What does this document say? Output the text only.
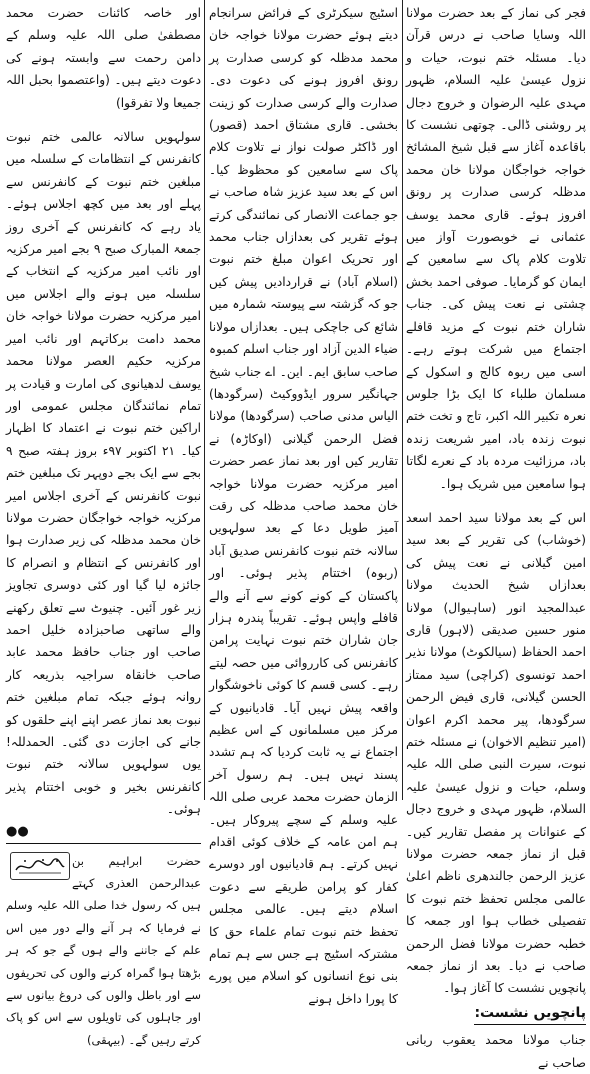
فجر کی نماز کے بعد حضرت مولانا اللہ وسایا صاحب نے درس قرآن دیا۔ مسئلہ ختم نبوت، حیات و نزول عیسیٰ علیہ السلام، ظہور مہدی علیہ الرضوان و خروج دجال پر روشنی ڈالی۔ چوتھی نشست کا باقاعدہ آغاز سے قبل شیخ المشائخ خواجہ خواجگان مولانا خان محمد مدظلہ کرسی صدارت پر رونق افروز ہوئے۔ قاری محمد یوسف عثمانی نے خوبصورت آواز میں تلاوت کلام پاک سے سامعین کے ایمان کو گرمایا۔ صوفی احمد بخش چشتی نے نعت پیش کی۔ جناب شاران ختم نبوت کے مزید قافلے اجتماع میں شرکت ہوتے رہے۔ اسی میں ربوہ کالج و اسکول کے مسلمان طلباء کا ایک بڑا جلوس نعرہ تکبیر اللہ اکبر، تاج و تخت ختم نبوت زندہ باد، امیر شریعت زندہ باد، مرزائیت مردہ باد کے نعرے لگاتا ہوا سامعین میں شریک ہوا۔

اس کے بعد مولانا سید احمد اسعد (خوشاب) کی تقریر کے بعد سید امین گیلانی نے نعت پیش کی بعدازاں شیخ الحدیث مولانا عبدالمجید انور (ساہیوال) مولانا منور حسین صدیقی (لاہور) قاری احمد الحفاظ (سیالکوٹ) مولانا نذیر احمد تونسوی (کراچی) سید ممتاز الحسن گیلانی، قاری فیض الرحمن سرگودھا، پیر محمد اکرم اعوان (امیر تنظیم الاخوان) نے مسئلہ ختم نبوت، سیرت النبی صلی اللہ علیہ وسلم، حیات و نزول عیسیٰ علیہ السلام، ظہور مہدی و خروج دجال کے عنوانات پر مفصل تقاریر کیں۔ قبل از نماز جمعہ حضرت مولانا عزیز الرحمن جالندھری ناظم اعلیٰ عالمی مجلس تحفظ ختم نبوت کا تفصیلی خطاب ہوا اور جمعہ کا خطبہ حضرت مولانا فضل الرحمن صاحب نے دیا۔ بعد از نماز جمعہ پانچویں نشست کا آغاز ہوا۔

پانچویں نشست:

جناب مولانا محمد یعقوب ربانی صاحب نے

اسٹیج سیکرٹری کے فرائض سرانجام دیتے ہوئے حضرت مولانا خواجہ خان محمد مدظلہ کو کرسی صدارت پر رونق افروز ہونے کی دعوت دی۔ صدارت والے کرسی صدارت کو زینت بخشی۔ قاری مشتاق احمد (قصور) اور ڈاکٹر صولت نواز نے تلاوت کلام پاک سے سامعین کو محظوظ کیا۔ اس کے بعد سید عزیز شاہ صاحب نے جو جماعت الانصار کی نمائندگی کرتے ہوئے تقریر کی بعدازاں جناب محمد اور تحریک اعوان مبلغ ختم نبوت (اسلام آباد) نے قراردادیں پیش کیں جو کہ گزشتہ سے پیوستہ شمارہ میں شائع کی جاچکی ہیں۔ بعدازاں مولانا ضیاء الدین آزاد اور جناب اسلم کمبوہ صاحب سابق ایم۔ این۔ اے جناب شیخ جہانگیر سرور ایڈووکیٹ (سرگودھا) الیاس مدنی صاحب (سرگودھا) مولانا فضل الرحمن گیلانی (اوکاڑہ) نے تقاریر کیں اور بعد نماز عصر حضرت امیر مرکزیہ حضرت مولانا خواجہ خان محمد صاحب مدظلہ کی رقت آمیز طویل دعا کے بعد سولہویں سالانہ ختم نبوت کانفرنس صدیق آباد (ربوہ) اختتام پذیر ہوئی۔ اور پاکستان کے کونے کونے سے آنے والے قافلے واپس ہوئے۔ تقریباً پندرہ ہزار جان شاران ختم نبوت نہایت پرامن کانفرنس کی کارروائی میں حصہ لیتے رہے۔ کسی قسم کا کوئی ناخوشگوار واقعہ پیش نہیں آیا۔ قادیانیوں کے مرکز میں مسلمانوں کے اس عظیم اجتماع نے یہ ثابت کردیا کہ ہم تشدد پسند نہیں ہیں۔ ہم رسول آخر الزمان حضرت محمد عربی صلی اللہ علیہ وسلم کے سچے پیروکار ہیں۔ ہم امن عامہ کے خلاف کوئی اقدام نہیں کرتے۔ ہم قادیانیوں اور دوسرے کفار کو پرامن طریقے سے دعوت اسلام دیتے ہیں۔ عالمی مجلس تحفظ ختم نبوت تمام علماء حق کا مشترکہ اسٹیج ہے جس سے ہم تمام بنی نوع انسانوں کو اسلام میں پورے کا پورا داخل ہونے

اور خاصہ کائنات حضرت محمد مصطفیٰ صلی اللہ علیہ وسلم کے دامن رحمت سے وابستہ ہونے کی دعوت دیتے ہیں۔ (واعتصموا بحبل اللہ جمیعا ولا تفرقوا)

سولہویں سالانہ عالمی ختم نبوت کانفرنس کے انتظامات کے سلسلہ میں مبلغین ختم نبوت کے کانفرنس سے پہلے اور بعد میں کچھ اجلاس ہوئے۔ یاد رہے کہ کانفرنس کے آخری روز جمعۃ المبارک صبح ۹ بجے امیر مرکزیہ اور نائب امیر مرکزیہ کے انتخاب کے سلسلہ میں ہونے والے اجلاس میں امیر مرکزیہ حضرت مولانا خواجہ خان محمد دامت برکاتہم اور نائب امیر مرکزیہ حکیم العصر مولانا محمد یوسف لدھیانوی کی امارت و قیادت پر تمام نمائندگان مجلس عمومی اور اراکین ختم نبوت نے اعتماد کا اظہار کیا۔ ۲۱ اکتوبر ۹۷ء بروز ہفتہ صبح ۹ بجے سے ایک بجے دوپہر تک مبلغین ختم نبوت کانفرنس کے آخری اجلاس امیر مرکزیہ خواجہ خواجگان حضرت مولانا خان محمد مدظلہ کی زیر صدارت ہوا اور کانفرنس کے انتظام و انصرام کا جائزہ لیا گیا اور کئی دوسری تجاویز زیر غور آئیں۔ چنیوٹ سے تعلق رکھنے والے ساتھی صاحبزادہ خلیل احمد صاحب اور جناب حافظ محمد عابد صاحب خانقاہ سراجیہ بذریعہ کار روانہ ہوئے جبکہ تمام مبلغین ختم نبوت بعد نماز عصر اپنے اپنے حلقوں کو جانے کی اجازت دی گئی۔ الحمدللہ! یوں سولہویں سالانہ ختم نبوت کانفرنس بخیر و خوبی اختتام پذیر ہوئی۔

●●

حضرت ابراہیم بن عبدالرحمن العذری کہتے ہیں کہ رسول خدا صلی اللہ علیہ وسلم نے فرمایا کہ ہر آنے والے دور میں اس علم کے جاننے والے ہوں گے جو کہ ہر بڑھتا ہوا گمراہ کرنے والوں کی تحریفوں سے اور باطل والوں کی دروغ بیانوں سے اور جاہلوں کی تاویلوں سے اس کو پاک کرتے رہیں گے۔ (بیہقی)
